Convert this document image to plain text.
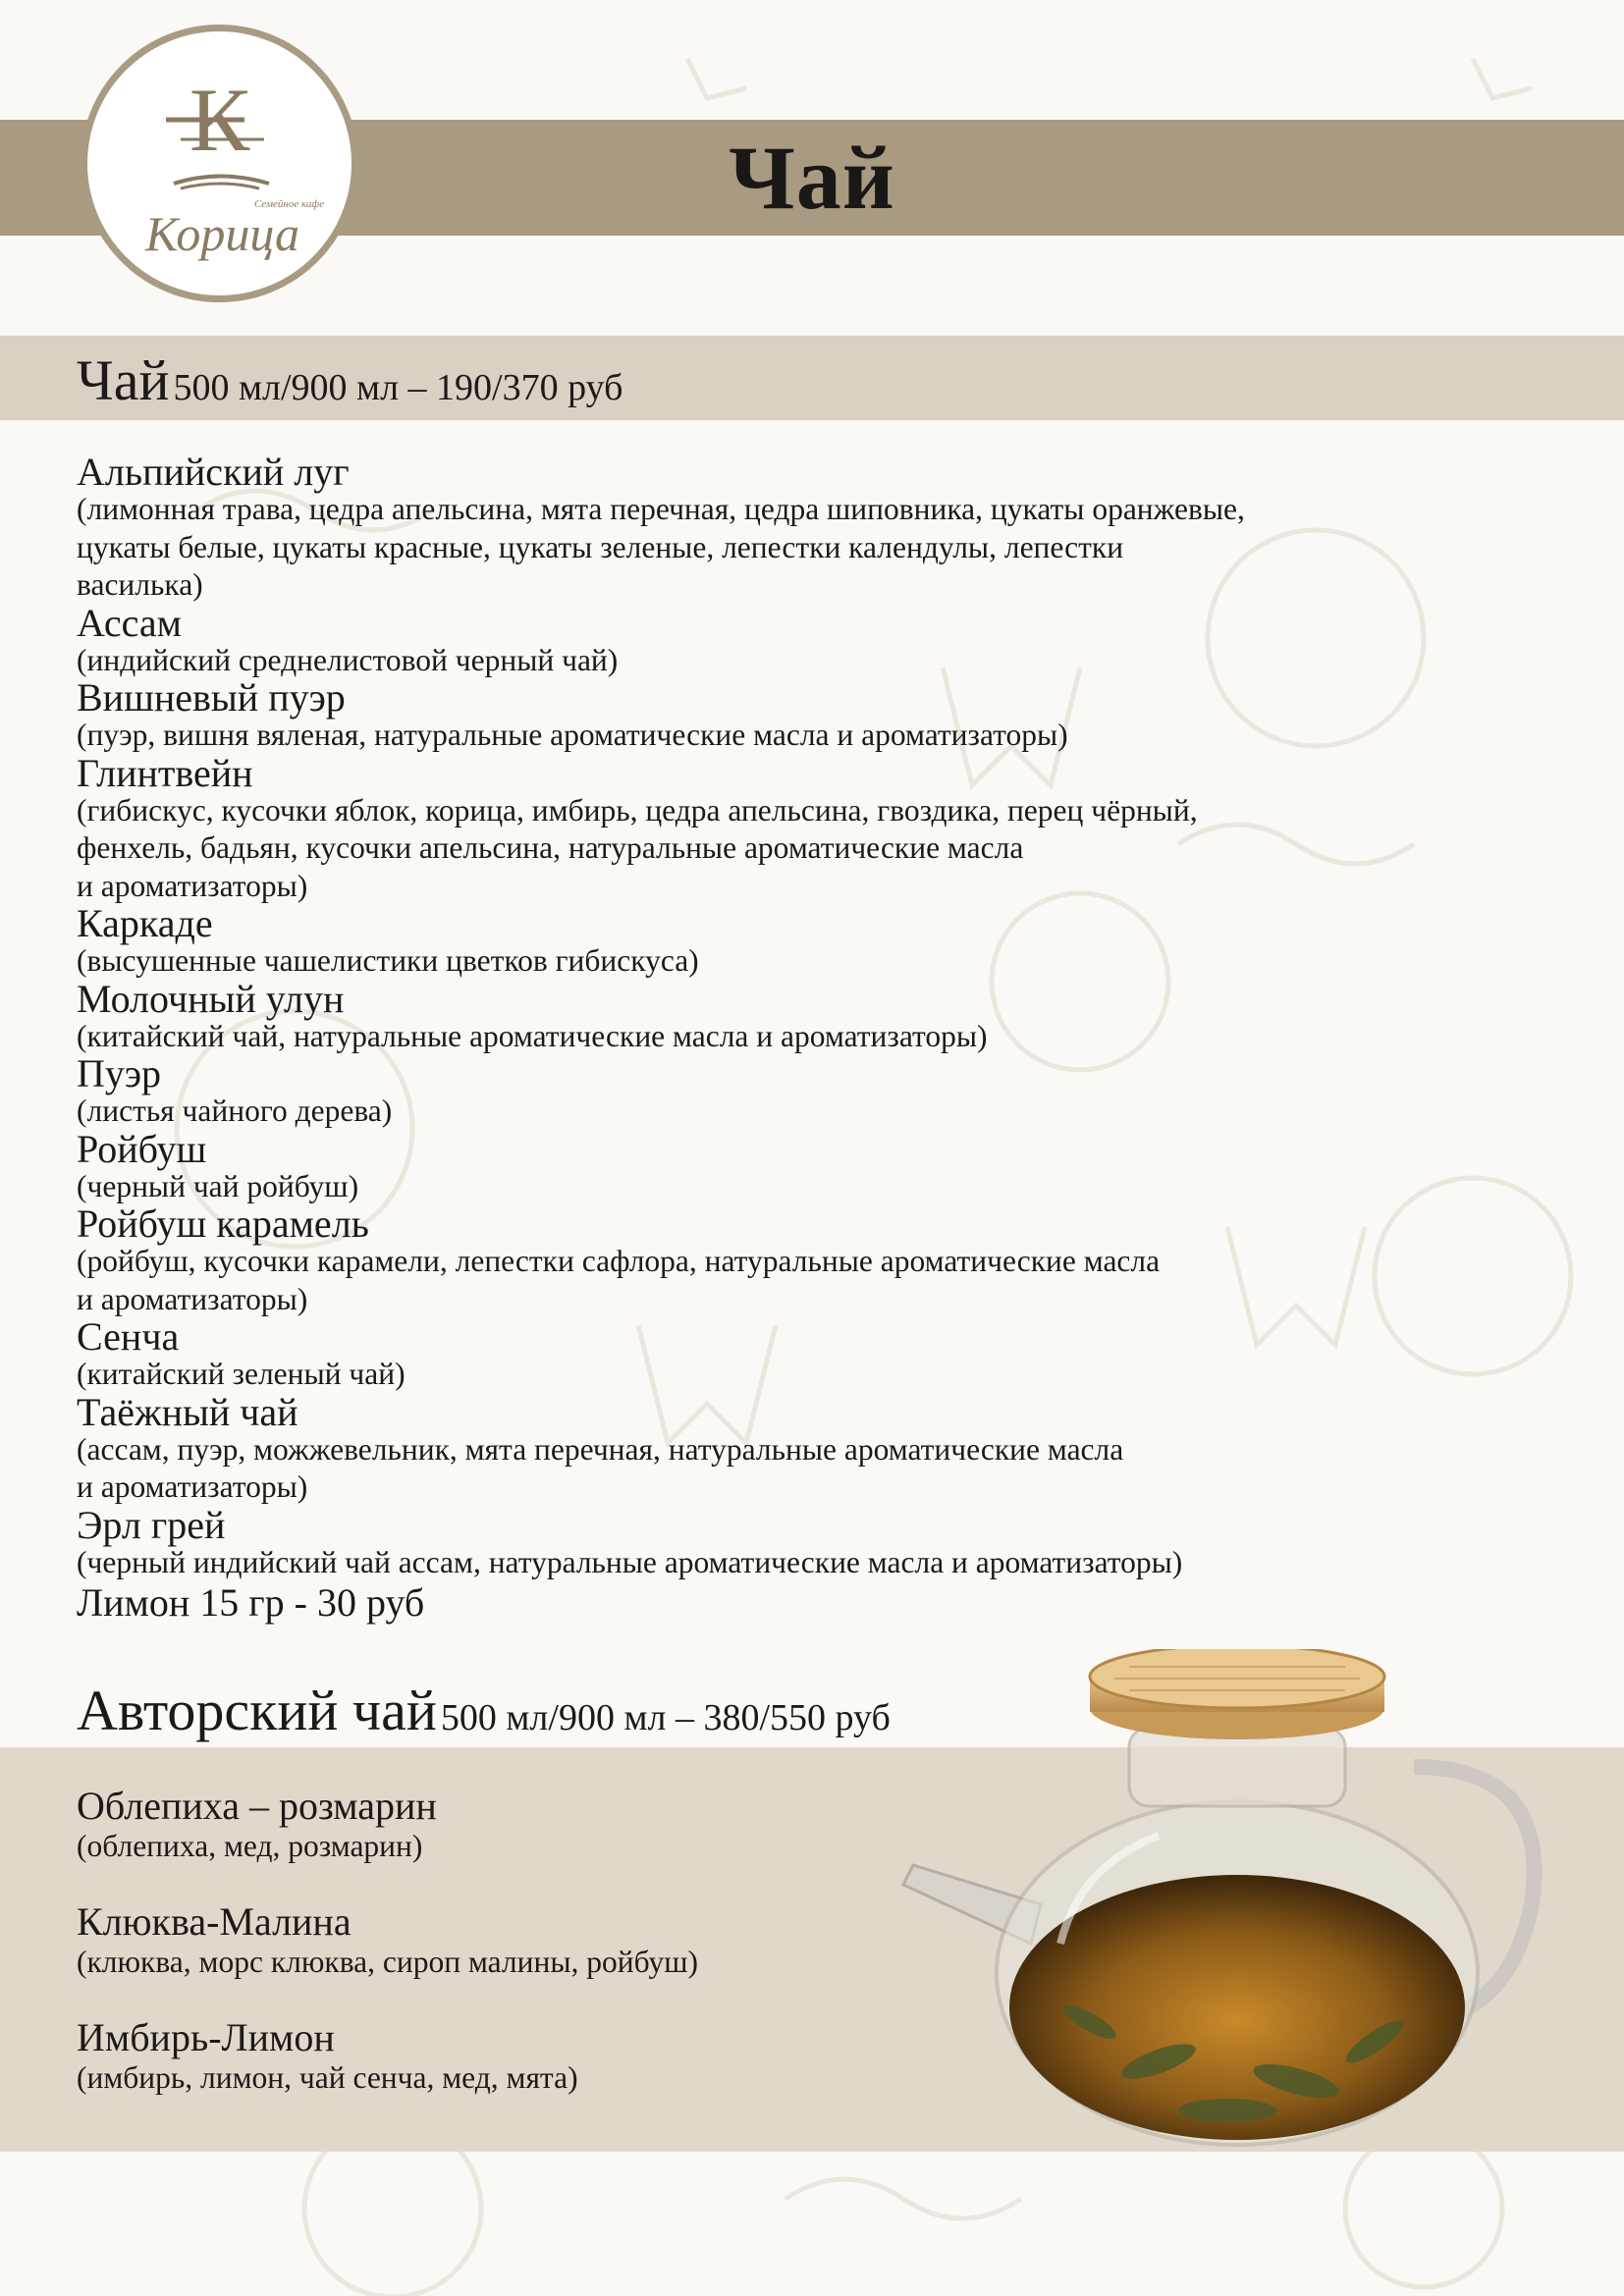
Чай
К
Семейное кафе
Корица
Чай 500 мл/900 мл – 190/370 руб
Альпийский луг
(лимонная трава, цедра апельсина, мята перечная, цедра шиповника, цукаты оранжевые,
цукаты белые, цукаты красные, цукаты зеленые, лепестки календулы, лепестки
василька)
Ассам
(индийский среднелистовой черный чай)
Вишневый пуэр
(пуэр, вишня вяленая, натуральные ароматические масла и ароматизаторы)
Глинтвейн
(гибискус, кусочки яблок, корица, имбирь, цедра апельсина, гвоздика, перец чёрный,
фенхель, бадьян, кусочки апельсина, натуральные ароматические масла
и ароматизаторы)
Каркаде
(высушенные чашелистики цветков гибискуса)
Молочный улун
(китайский чай, натуральные ароматические масла и ароматизаторы)
Пуэр
(листья чайного дерева)
Ройбуш
(черный чай ройбуш)
Ройбуш карамель
(ройбуш, кусочки карамели, лепестки сафлора, натуральные ароматические масла
и ароматизаторы)
Сенча
(китайский зеленый чай)
Таёжный чай
(ассам, пуэр, можжевельник, мята перечная, натуральные ароматические масла
и ароматизаторы)
Эрл грей
(черный индийский чай ассам, натуральные ароматические масла и ароматизаторы)
Лимон 15 гр - 30 руб
Авторский чай 500 мл/900 мл – 380/550 руб
Облепиха – розмарин
(облепиха, мед, розмарин)
Клюква-Малина
(клюква, морс клюква, сироп малины, ройбуш)
Имбирь-Лимон
(имбирь, лимон, чай сенча, мед, мята)
